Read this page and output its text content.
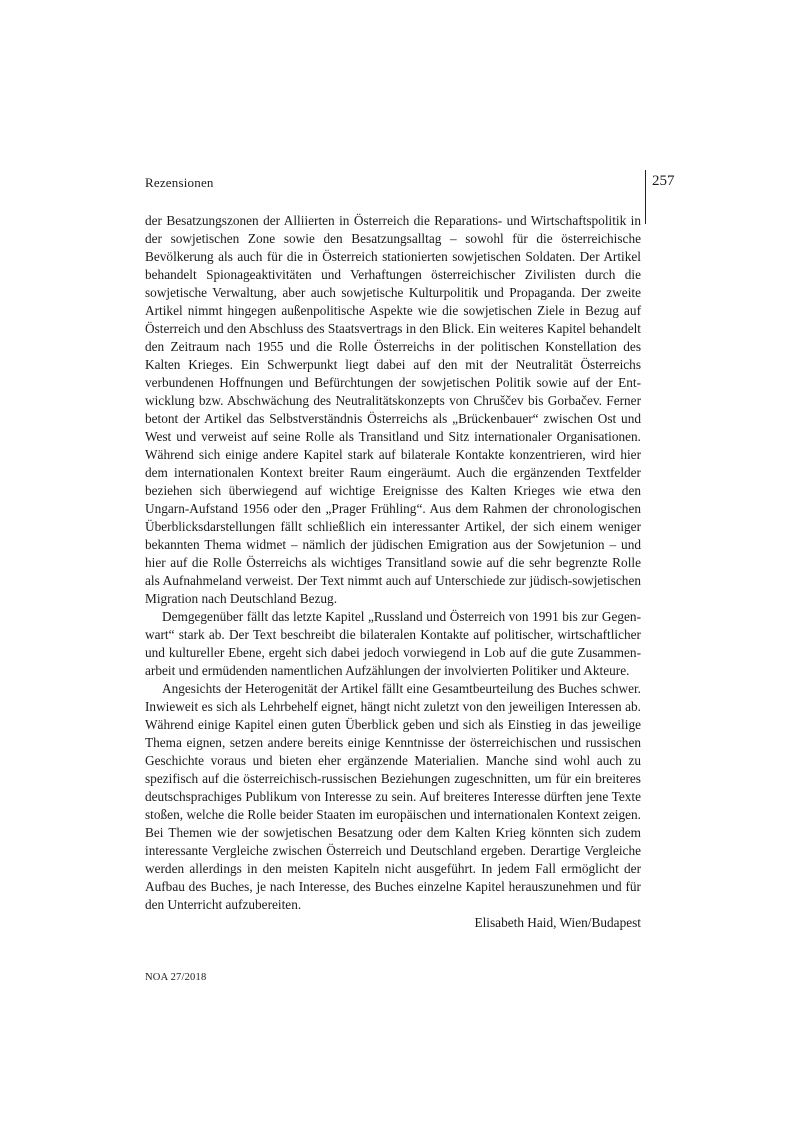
Rezensionen	257

der Besatzungszonen der Alliierten in Österreich die Reparations- und Wirtschaftspolitik in der sowjetischen Zone sowie den Besatzungsalltag – sowohl für die österreichische Bevölkerung als auch für die in Österreich stationierten sowjetischen Soldaten. Der Artikel behandelt Spionageaktivitäten und Verhaftungen österreichischer Zivilisten durch die sowjetische Verwaltung, aber auch sowjetische Kulturpolitik und Propaganda. Der zweite Artikel nimmt hingegen außenpolitische Aspekte wie die sowjetischen Ziele in Bezug auf Österreich und den Abschluss des Staatsvertrags in den Blick. Ein weiteres Kapitel behandelt den Zeitraum nach 1955 und die Rolle Österreichs in der politischen Konstellation des Kalten Krieges. Ein Schwerpunkt liegt dabei auf den mit der Neutralität Österreichs verbundenen Hoffnungen und Befürchtungen der sowjetischen Politik sowie auf der Entwicklung bzw. Abschwächung des Neutralitätskonzepts von Chruščev bis Gorbačev. Ferner betont der Artikel das Selbstverständnis Österreichs als „Brückenbauer“ zwischen Ost und West und verweist auf seine Rolle als Transitland und Sitz internationaler Organisationen. Während sich einige andere Kapitel stark auf bilaterale Kontakte konzentrieren, wird hier dem internationalen Kontext breiter Raum eingeräumt. Auch die ergänzenden Textfelder beziehen sich überwiegend auf wichtige Ereignisse des Kalten Krieges wie etwa den Ungarn-Aufstand 1956 oder den „Prager Frühling“. Aus dem Rahmen der chronologischen Überblicksdarstellungen fällt schließlich ein interessanter Artikel, der sich einem weniger bekannten Thema widmet – nämlich der jüdischen Emigration aus der Sowjetunion – und hier auf die Rolle Österreichs als wichtiges Transitland sowie auf die sehr begrenzte Rolle als Aufnahmeland verweist. Der Text nimmt auch auf Unterschiede zur jüdisch-sowjetischen Migration nach Deutschland Bezug.

Demgegenüber fällt das letzte Kapitel „Russland und Österreich von 1991 bis zur Gegenwart“ stark ab. Der Text beschreibt die bilateralen Kontakte auf politischer, wirtschaftlicher und kultureller Ebene, ergeht sich dabei jedoch vorwiegend in Lob auf die gute Zusammenarbeit und ermüdenden namentlichen Aufzählungen der involvierten Politiker und Akteure.

Angesichts der Heterogenität der Artikel fällt eine Gesamtbeurteilung des Buches schwer. Inwieweit es sich als Lehrbehelf eignet, hängt nicht zuletzt von den jeweiligen Interessen ab. Während einige Kapitel einen guten Überblick geben und sich als Einstieg in das jeweilige Thema eignen, setzen andere bereits einige Kenntnisse der österreichischen und russischen Geschichte voraus und bieten eher ergänzende Materialien. Manche sind wohl auch zu spezifisch auf die österreichisch-russischen Beziehungen zugeschnitten, um für ein breiteres deutschsprachiges Publikum von Interesse zu sein. Auf breiteres Interesse dürften jene Texte stoßen, welche die Rolle beider Staaten im europäischen und internationalen Kontext zeigen. Bei Themen wie der sowjetischen Besatzung oder dem Kalten Krieg könnten sich zudem interessante Vergleiche zwischen Österreich und Deutschland ergeben. Derartige Vergleiche werden allerdings in den meisten Kapiteln nicht ausgeführt. In jedem Fall ermöglicht der Aufbau des Buches, je nach Interesse, des Buches einzelne Kapitel herauszunehmen und für den Unterricht aufzubereiten.

Elisabeth Haid, Wien/Budapest

NOA 27/2018
